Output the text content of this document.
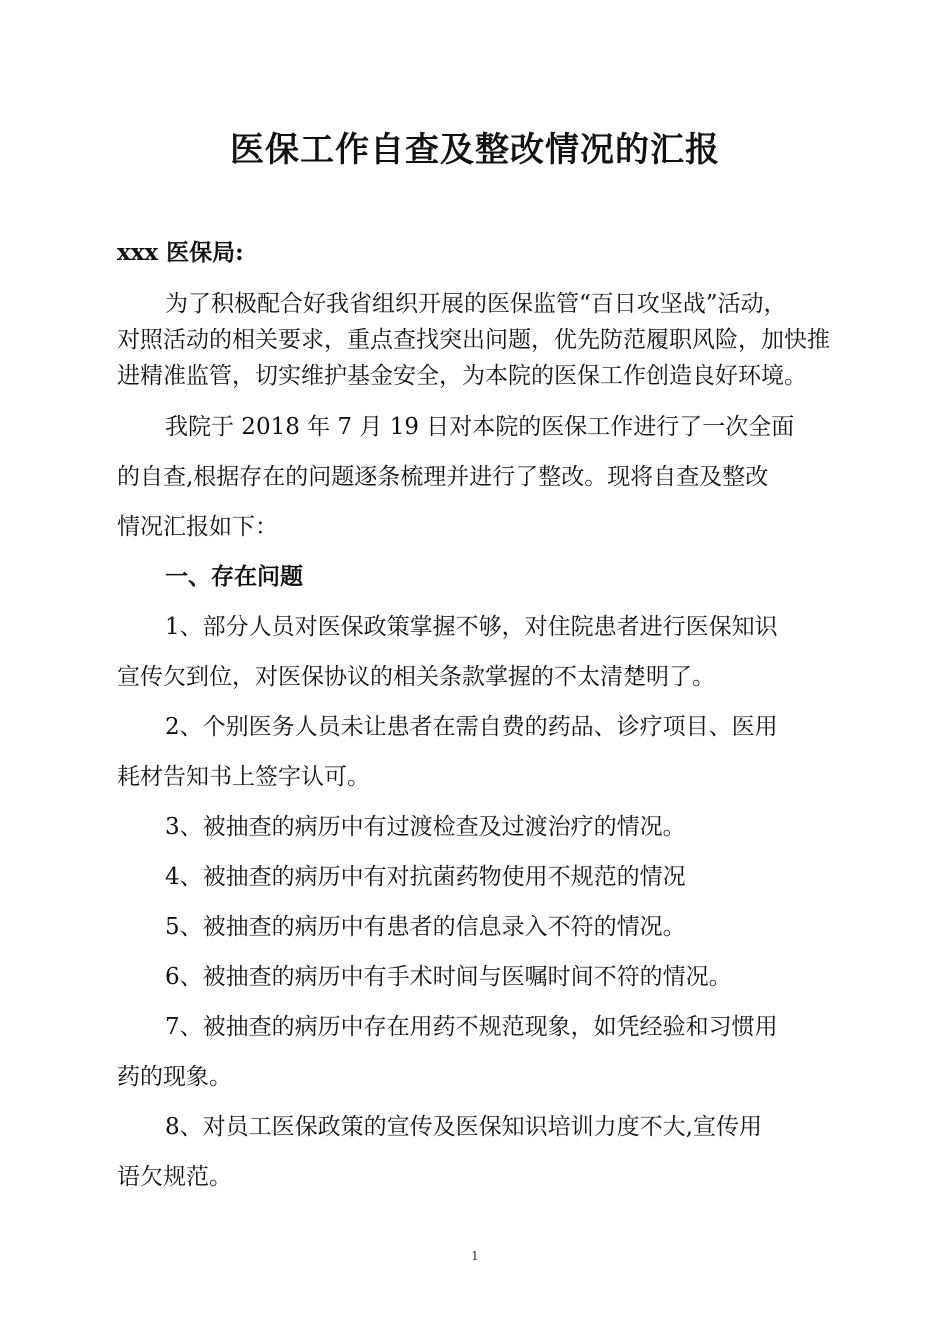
医保工作自查及整改情况的汇报
xxx 医保局:
为了积极配合好我省组织开展的医保监管“百日攻坚战”活动，
对照活动的相关要求，重点查找突出问题，优先防范履职风险，加快推
进精准监管，切实维护基金安全，为本院的医保工作创造良好环境。
我院于 2018 年 7 月 19 日对本院的医保工作进行了一次全面
的自查,根据存在的问题逐条梳理并进行了整改。现将自查及整改
情况汇报如下：
一、存在问题
1、部分人员对医保政策掌握不够，对住院患者进行医保知识
宣传欠到位，对医保协议的相关条款掌握的不太清楚明了。
2、个别医务人员未让患者在需自费的药品、诊疗项目、医用
耗材告知书上签字认可。
3、被抽查的病历中有过渡检查及过渡治疗的情况。
4、被抽查的病历中有对抗菌药物使用不规范的情况
5、被抽查的病历中有患者的信息录入不符的情况。
6、被抽查的病历中有手术时间与医嘱时间不符的情况。
7、被抽查的病历中存在用药不规范现象，如凭经验和习惯用
药的现象。
8、对员工医保政策的宣传及医保知识培训力度不大,宣传用
语欠规范。
1
